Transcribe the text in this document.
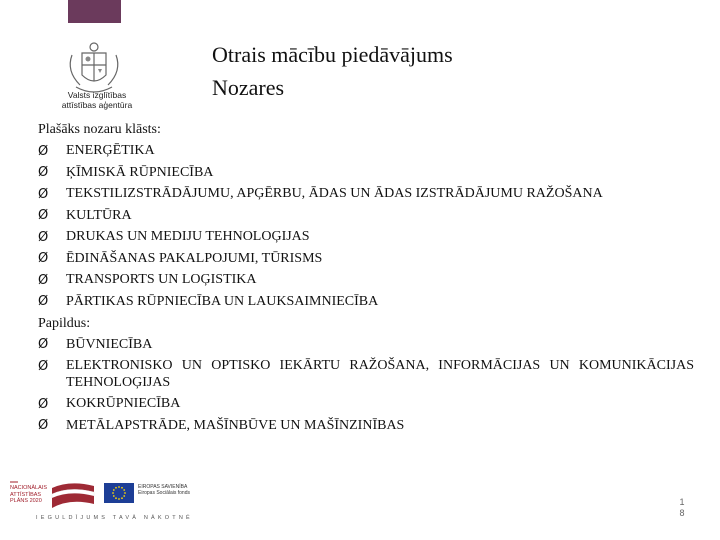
Valsts izglītības
attīstības aģentūra
Otrais mācību piedāvājums
Nozares
Plašāks nozaru klāsts:
Ø ENERĢĒTIKA
Ø ĶĪMISKĀ RŪPNIECĪBA
Ø TEKSTILIZSTRĀDĀJUMU, APĢĒRBU, ĀDAS UN ĀDAS IZSTRĀDĀJUMU RAŽOŠANA
Ø KULTŪRA
Ø DRUKAS UN MEDIJU TEHNOLOĢIJAS
Ø ĒDINĀŠANAS PAKALPOJUMI, TŪRISMS
Ø TRANSPORTS UN LOĢISTIKA
Ø PĀRTIKAS RŪPNIECĪBA UN LAUKSAIMNIECĪBA
Papildus:
Ø BŪVNIECĪBA
Ø ELEKTRONISKO UN OPTISKO IEKĀRTU RAŽOŠANA, INFORMĀCIJAS UN KOMUNIKĀCIJAS TEHNOLOĢIJAS
Ø KOKRŪPNIECĪBA
Ø METĀLAPSTRĀDE, MAŠĪNBŪVE UN MAŠĪNZINĪBAS
NACIONĀLAIS ATTĪSTĪBAS PLĀNS 2020
EIROPAS SAVIENĪBA Eiropas Sociālais fonds
IEGULDĪJUMS TAVĀ NĀKOTNĒ
1 8
